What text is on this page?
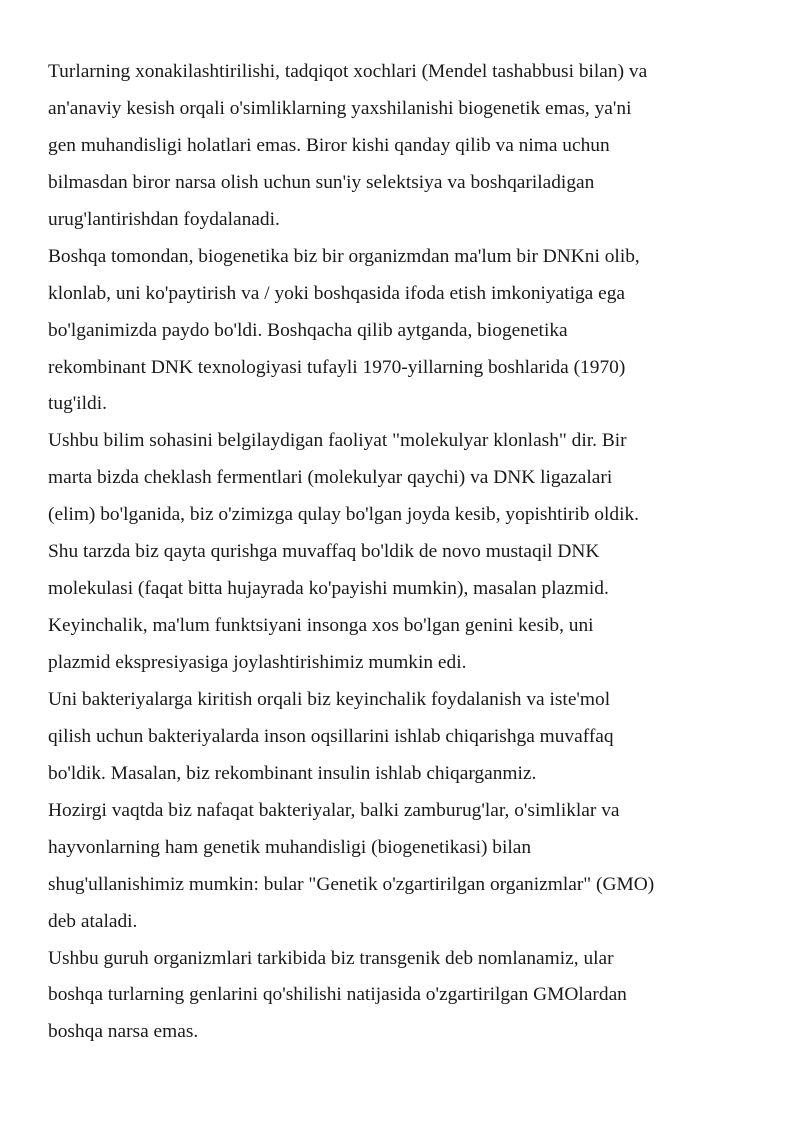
Turlarning xonakilashtirilishi, tadqiqot xochlari (Mendel tashabbusi bilan) va
an'anaviy kesish orqali o'simliklarning yaxshilanishi biogenetik emas, ya'ni
gen muhandisligi holatlari emas. Biror kishi qanday qilib va nima uchun
bilmasdan biror narsa olish uchun sun'iy selektsiya va boshqariladigan
urug'lantirishdan foydalanadi.

Boshqa tomondan, biogenetika biz bir organizmdan ma'lum bir DNKni olib,
klonlab, uni ko'paytirish va / yoki boshqasida ifoda etish imkoniyatiga ega
bo'lganimizda paydo bo'ldi. Boshqacha qilib aytganda, biogenetika
rekombinant DNK texnologiyasi tufayli 1970-yillarning boshlarida (1970)
tug'ildi.

Ushbu bilim sohasini belgilaydigan faoliyat "molekulyar klonlash" dir. Bir
marta bizda cheklash fermentlari (molekulyar qaychi) va DNK ligazalari
(elim) bo'lganida, biz o'zimizga qulay bo'lgan joyda kesib, yopishtirib oldik.
Shu tarzda biz qayta qurishga muvaffaq bo'ldik de novo mustaqil DNK
molekulasi (faqat bitta hujayrada ko'payishi mumkin), masalan plazmid.
Keyinchalik, ma'lum funktsiyani insonga xos bo'lgan genini kesib, uni
plazmid ekspresiyasiga joylashtirishimiz mumkin edi.

Uni bakteriyalarga kiritish orqali biz keyinchalik foydalanish va iste'mol
qilish uchun bakteriyalarda inson oqsillarini ishlab chiqarishga muvaffaq
bo'ldik. Masalan, biz rekombinant insulin ishlab chiqarganmiz.

Hozirgi vaqtda biz nafaqat bakteriyalar, balki zamburug'lar, o'simliklar va
hayvonlarning ham genetik muhandisligi (biogenetikasi) bilan
shug'ullanishimiz mumkin: bular "Genetik o'zgartirilgan organizmlar" (GMO)
deb ataladi.

Ushbu guruh organizmlari tarkibida biz transgenik deb nomlanamiz, ular
boshqa turlarning genlarini qo'shilishi natijasida o'zgartirilgan GMOlardan
boshqa narsa emas.
